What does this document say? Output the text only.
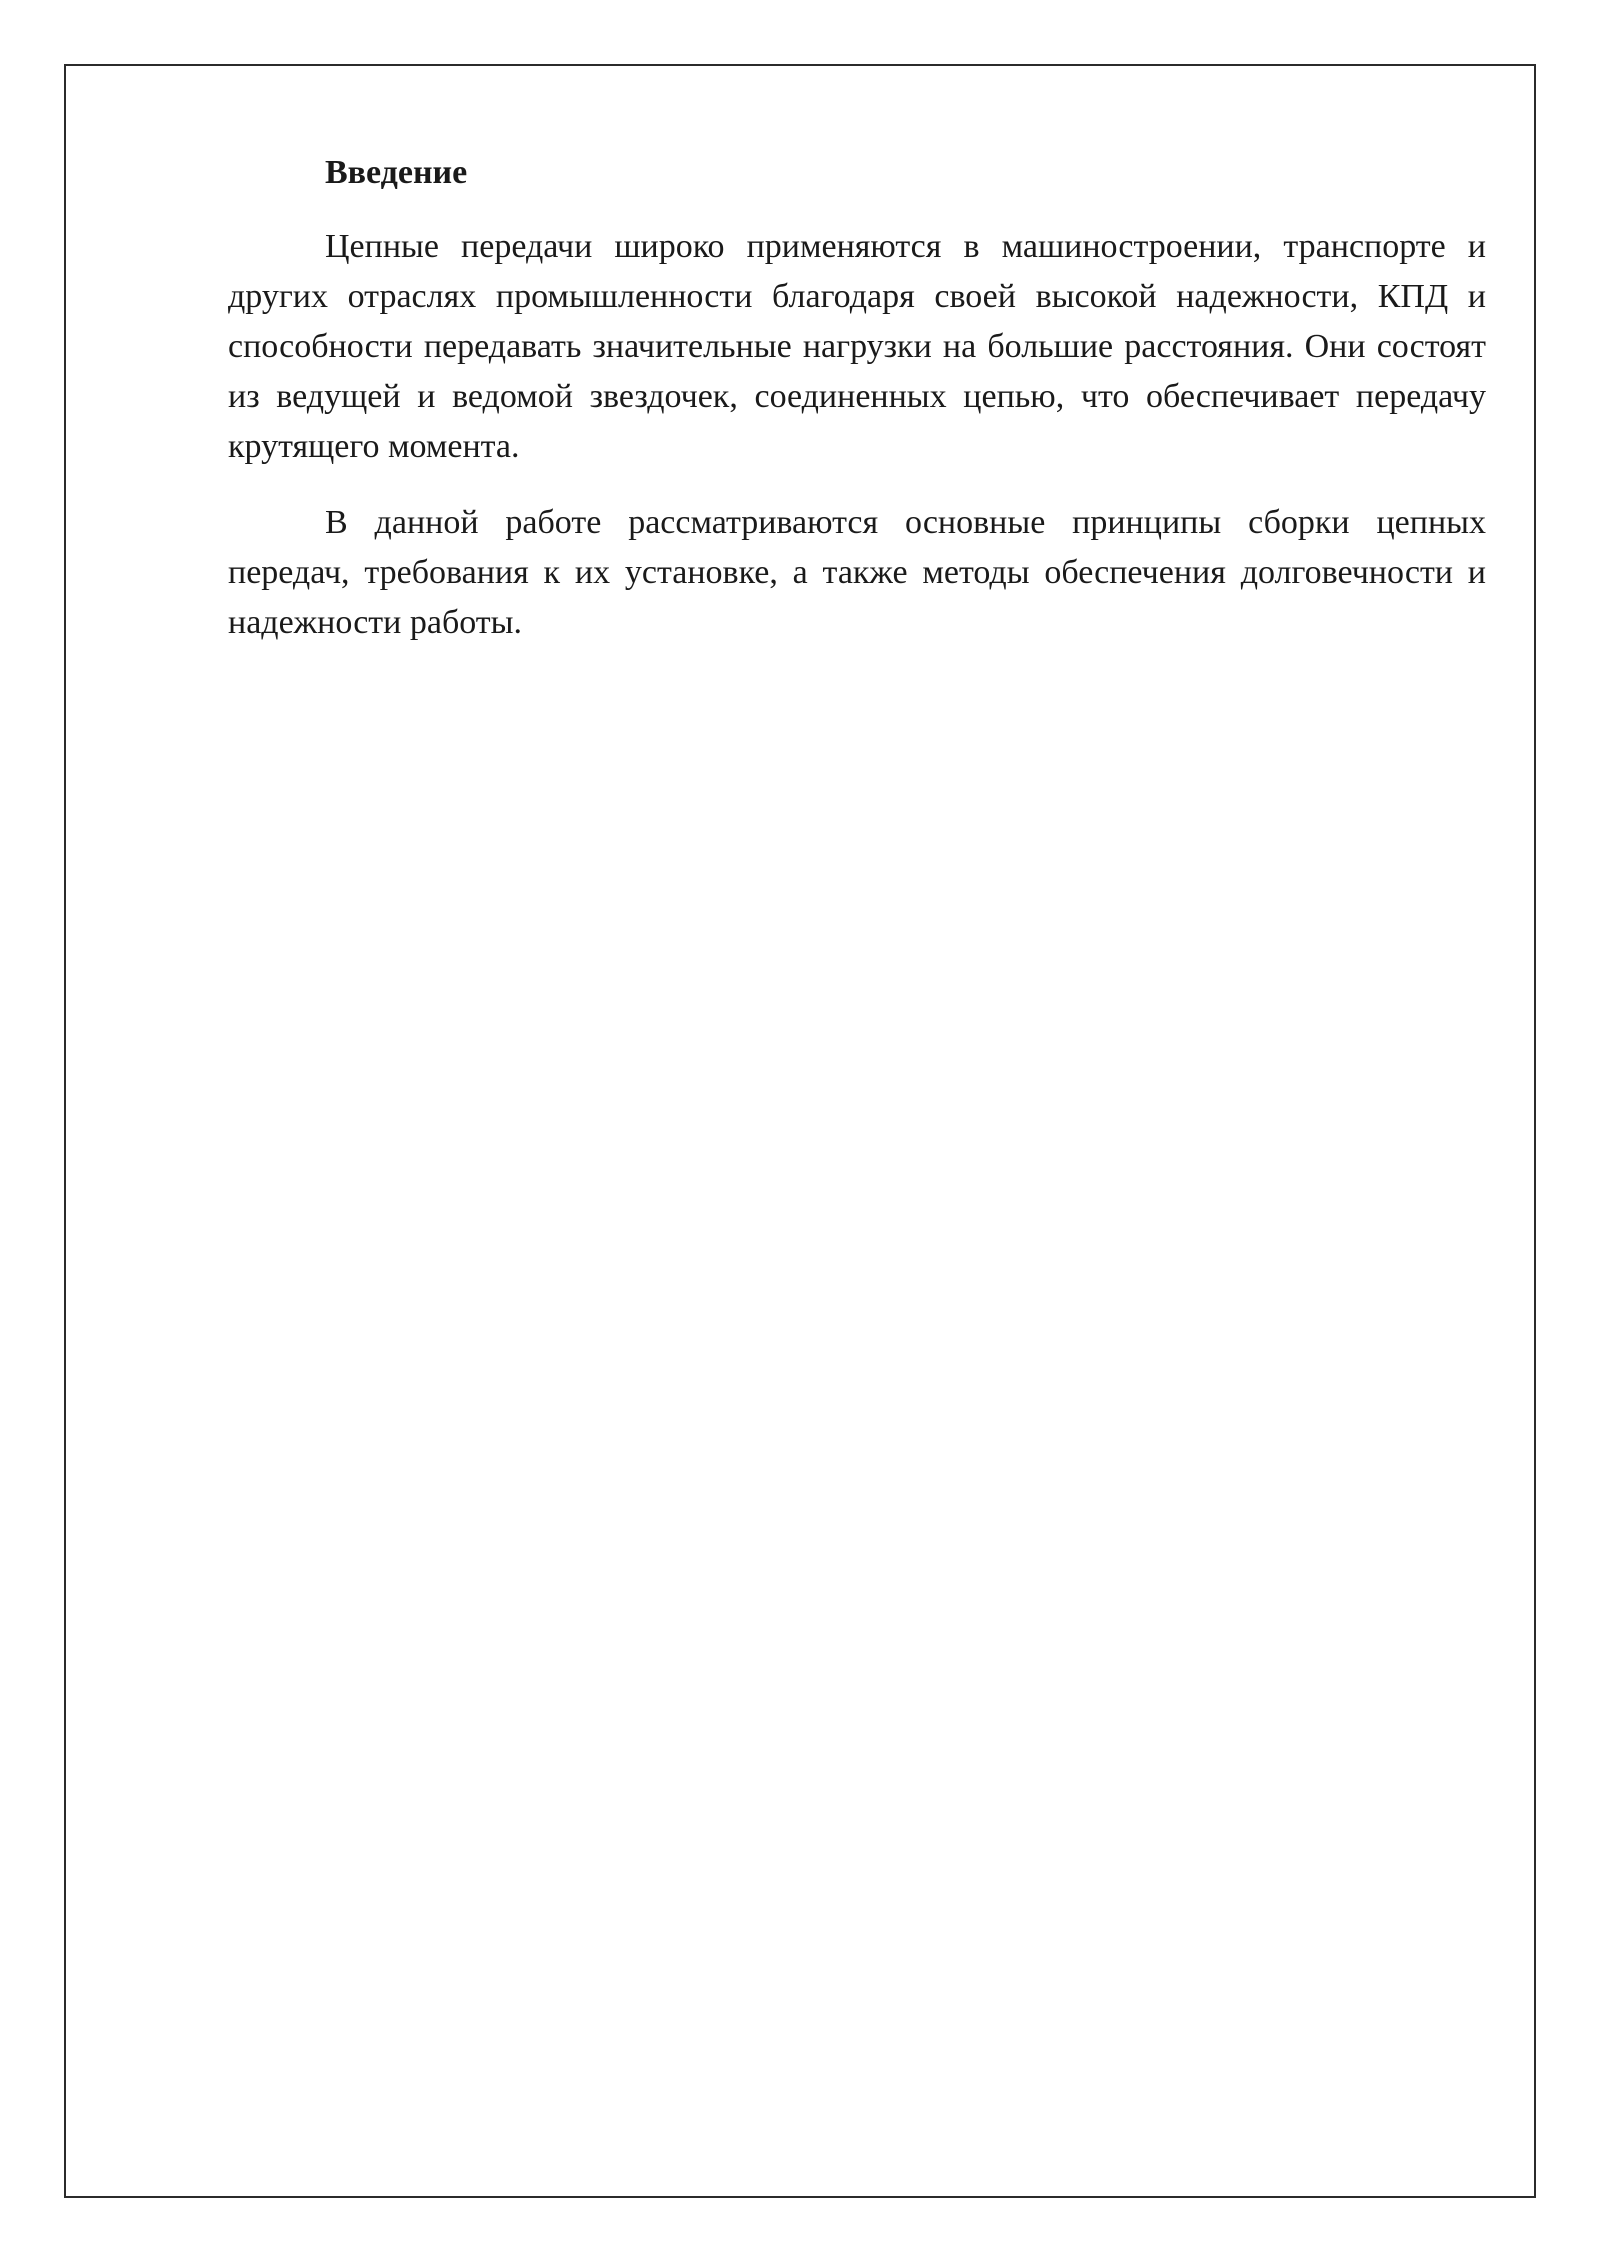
Введение

Цепные передачи широко применяются в машиностроении, транспорте и других отраслях промышленности благодаря своей высокой надежности, КПД и способности передавать значительные нагрузки на большие расстояния. Они состоят из ведущей и ведомой звездочек, соединенных цепью, что обеспечивает передачу крутящего момента.

В данной работе рассматриваются основные принципы сборки цепных передач, требования к их установке, а также методы обеспечения долговечности и надежности работы.
